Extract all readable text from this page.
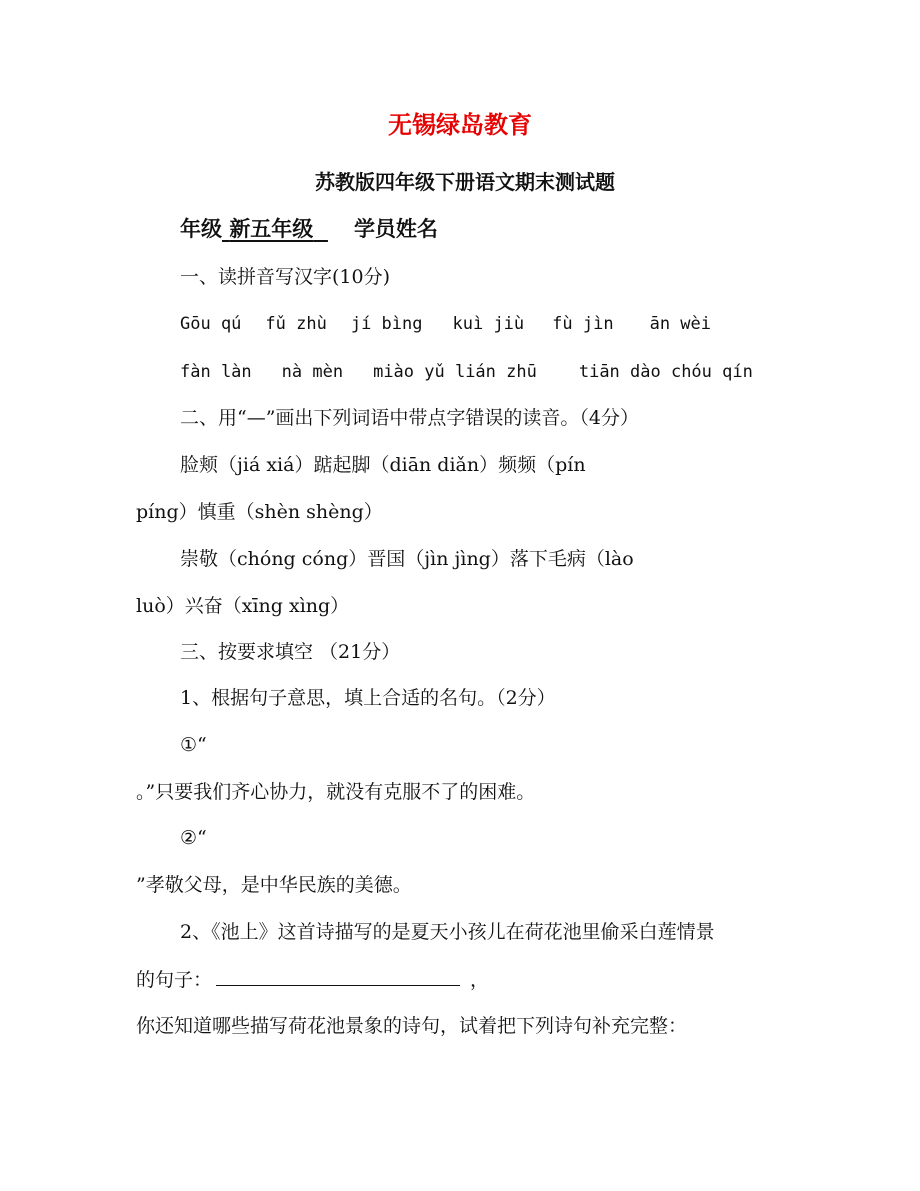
无锡绿岛教育
苏教版四年级下册语文期末测试题
年级 新五年级 学员姓名
一、读拼音写汉字(10分)
Gōu qú fǔ zhù jí bìng kuì jiù fù jìn ān wèi
fàn làn nà mèn miào yǔ lián zhū tiān dào chóu qín
二、用“—”画出下列词语中带点字错误的读音。（4分）
脸颊（jiá xiá）踮起脚（diān diǎn）频频（pín
píng）慎重（shèn shèng）
崇敬（chóng cóng）晋国（jìn jìng）落下毛病（lào
luò）兴奋（xīng xìng）
三、按要求填空 （21分）
1、根据句子意思，填上合适的名句。（2分）
①“
。”只要我们齐心协力，就没有克服不了的困难。
②“
”孝敬父母，是中华民族的美德。
2、《池上》这首诗描写的是夏天小孩儿在荷花池里偷采白莲情景
的句子：	，
你还知道哪些描写荷花池景象的诗句，试着把下列诗句补充完整：
